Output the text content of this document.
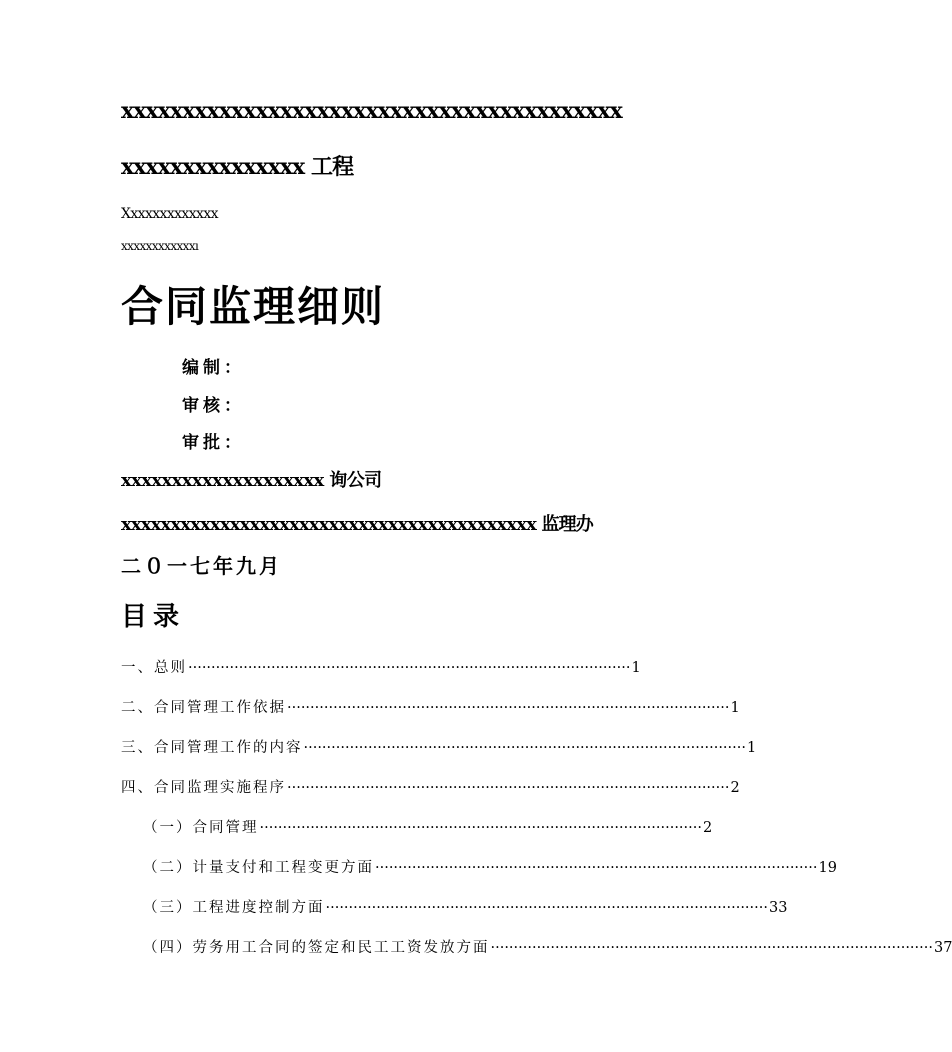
xxxxxxxxxxxxxxxxxxxxxxxxxxxxxxxxxxxxxxxxx
xxxxxxxxxxxxxxx 工程
Xxxxxxxxxxxxx
xxxxxxxxxxxxı
合同监理细则
编制：
审核：
审批：
xxxxxxxxxxxxxxxxxxxx 询公司
xxxxxxxxxxxxxxxxxxxxxxxxxxxxxxxxxxxxxxxxxx 监理办
二０一七年九月
目录
一、总则 ································································································ 1
二、合同管理工作依据 ································································································ 1
三、合同管理工作的内容 ································································································ 1
四、合同监理实施程序 ································································································ 2
（一）合同管理 ································································································ 2
（二）计量支付和工程变更方面 ································································································ 19
（三）工程进度控制方面 ································································································ 33
（四）劳务用工合同的签定和民工工资发放方面 ································································································ 37
